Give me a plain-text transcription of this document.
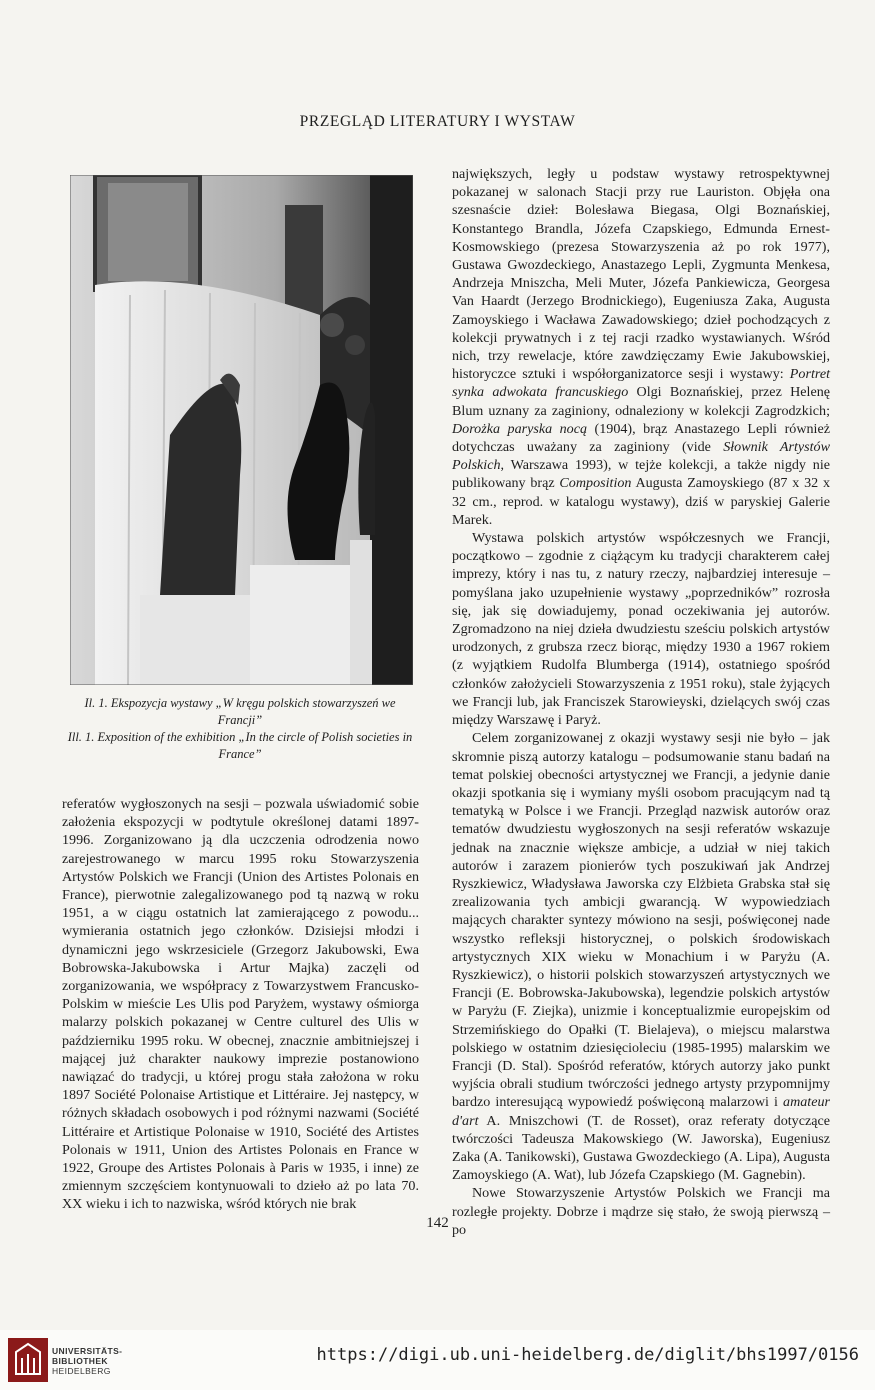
PRZEGLĄD LITERATURY I WYSTAW
Il. 1. Ekspozycja wystawy „W kręgu polskich stowarzyszeń we Francji”
Ill. 1. Exposition of the exhibition „In the circle of Polish societies in France”

referatów wygłoszonych na sesji – pozwala uświadomić sobie założenia ekspozycji w podtytule określonej datami 1897-1996. Zorganizowano ją dla uczczenia odrodzenia nowo zarejestrowanego w marcu 1995 roku Stowarzyszenia Artystów Polskich we Francji (Union des Artistes Polonais en France), pierwotnie zalegalizowanego pod tą nazwą w roku 1951, a w ciągu ostatnich lat zamierającego z powodu... wymierania ostatnich jego członków. Dzisiejsi młodzi i dynamiczni jego wskrzesiciele (Grzegorz Jakubowski, Ewa Bobrowska-Jakubowska i Artur Majka) zaczęli od zorganizowania, we współpracy z Towarzystwem Francusko-Polskim w mieście Les Ulis pod Paryżem, wystawy ośmiorga malarzy polskich pokazanej w Centre culturel des Ulis w październiku 1995 roku. W obecnej, znacznie ambitniejszej i mającej już charakter naukowy imprezie postanowiono nawiązać do tradycji, u której progu stała założona w roku 1897 Société Polonaise Artistique et Littéraire. Jej następcy, w różnych składach osobowych i pod różnymi nazwami (Société Littéraire et Artistique Polonaise w 1910, Société des Artistes Polonais w 1911, Union des Artistes Polonais en France w 1922, Groupe des Artistes Polonais à Paris w 1935, i inne) ze zmiennym szczęściem kontynuowali to dzieło aż po lata 70. XX wieku i ich to nazwiska, wśród których nie brak

największych, legły u podstaw wystawy retrospektywnej pokazanej w salonach Stacji przy rue Lauriston. Objęła ona szesnaście dzieł: Bolesława Biegasa, Olgi Boznańskiej, Konstantego Brandla, Józefa Czapskiego, Edmunda Ernest-Kosmowskiego (prezesa Stowarzyszenia aż po rok 1977), Gustawa Gwozdeckiego, Anastazego Lepli, Zygmunta Menkesa, Andrzeja Mniszcha, Meli Muter, Józefa Pankiewicza, Georgesa Van Haardt (Jerzego Brodnickiego), Eugeniusza Zaka, Augusta Zamoyskiego i Wacława Zawadowskiego; dzieł pochodzących z kolekcji prywatnych i z tej racji rzadko wystawianych. Wśród nich, trzy rewelacje, które zawdzięczamy Ewie Jakubowskiej, historyczce sztuki i współorganizatorce sesji i wystawy: Portret synka adwokata francuskiego Olgi Boznańskiej, przez Helenę Blum uznany za zaginiony, odnaleziony w kolekcji Zagrodzkich; Dorożka paryska nocą (1904), brąz Anastazego Lepli również dotychczas uważany za zaginiony (vide Słownik Artystów Polskich, Warszawa 1993), w tejże kolekcji, a także nigdy nie publikowany brąz Composition Augusta Zamoyskiego (87 x 32 x 32 cm., reprod. w katalogu wystawy), dziś w paryskiej Galerie Marek.

Wystawa polskich artystów współczesnych we Francji, początkowo – zgodnie z ciążącym ku tradycji charakterem całej imprezy, który i nas tu, z natury rzeczy, najbardziej interesuje – pomyślana jako uzupełnienie wystawy „poprzedników” rozrosła się, jak się dowiadujemy, ponad oczekiwania jej autorów. Zgromadzono na niej dzieła dwudziestu sześciu polskich artystów urodzonych, z grubsza rzecz biorąc, między 1930 a 1967 rokiem (z wyjątkiem Rudolfa Blumberga (1914), ostatniego spośród członków założycieli Stowarzyszenia z 1951 roku), stale żyjących we Francji lub, jak Franciszek Starowieyski, dzielących swój czas między Warszawę i Paryż.

Celem zorganizowanej z okazji wystawy sesji nie było – jak skromnie piszą autorzy katalogu – podsumowanie stanu badań na temat polskiej obecności artystycznej we Francji, a jedynie danie okazji spotkania się i wymiany myśli osobom pracującym nad tą tematyką w Polsce i we Francji. Przegląd nazwisk autorów oraz tematów dwudziestu wygłoszonych na sesji referatów wskazuje jednak na znacznie większe ambicje, a udział w niej takich autorów i zarazem pionierów tych poszukiwań jak Andrzej Ryszkiewicz, Władysława Jaworska czy Elżbieta Grabska stał się zrealizowania tych ambicji gwarancją. W wypowiedziach mających charakter syntezy mówiono na sesji, poświęconej nade wszystko refleksji historycznej, o polskich środowiskach artystycznych XIX wieku w Monachium i w Paryżu (A. Ryszkiewicz), o historii polskich stowarzyszeń artystycznych we Francji (E. Bobrowska-Jakubowska), legendzie polskich artystów w Paryżu (F. Ziejka), unizmie i konceptualizmie europejskim od Strzemińskiego do Opałki (T. Bielajeva), o miejscu malarstwa polskiego w ostatnim dziesięcioleciu (1985-1995) malarskim we Francji (D. Stal). Spośród referatów, których autorzy jako punkt wyjścia obrali studium twórczości jednego artysty przypomnijmy bardzo interesującą wypowiedź poświęconą malarzowi i amateur d'art A. Mniszchowi (T. de Rosset), oraz referaty dotyczące twórczości Tadeusza Makowskiego (W. Jaworska), Eugeniusz Zaka (A. Tanikowski), Gustawa Gwozdeckiego (A. Lipa), Augusta Zamoyskiego (A. Wat), lub Józefa Czapskiego (M. Gagnebin).

Nowe Stowarzyszenie Artystów Polskich we Francji ma rozległe projekty. Dobrze i mądrze się stało, że swoją pierwszą – po

142
UNIVERSITÄTS-
BIBLIOTHEK
HEIDELBERG
https://digi.ub.uni-heidelberg.de/diglit/bhs1997/0156
